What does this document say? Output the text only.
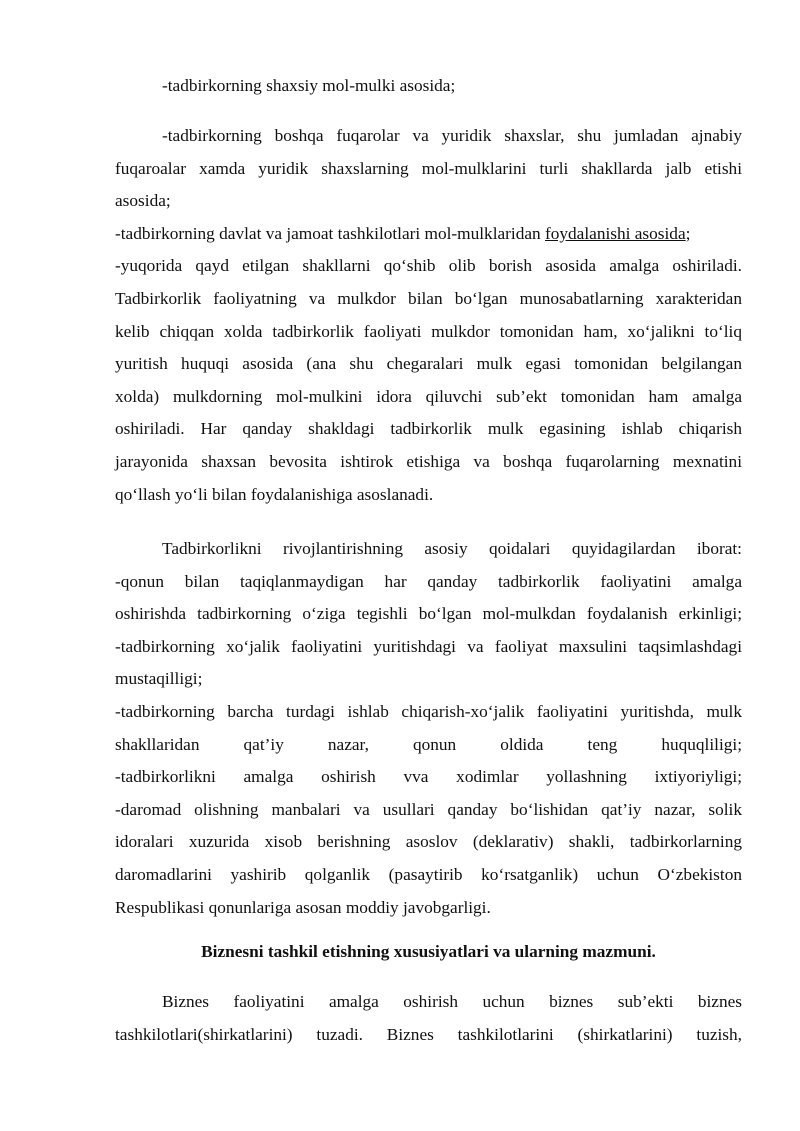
-tadbirkorning shaxsiy mol-mulki asosida;

-tadbirkorning boshqa fuqarolar va yuridik shaxslar, shu jumladan ajnabiy
fuqaroalar xamda yuridik shaxslarning mol-mulklarini turli shakllarda jalb etishi
asosida;
-tadbirkorning davlat va jamoat tashkilotlari mol-mulklaridan foydalanishi asosida;
-yuqorida qayd etilgan shakllarni qo‘shib olib borish asosida amalga oshiriladi.
Tadbirkorlik faoliyatning va mulkdor bilan bo‘lgan munosabatlarning xarakteridan
kelib chiqqan xolda tadbirkorlik faoliyati mulkdor tomonidan ham, xo‘jalikni to‘liq
yuritish huquqi asosida (ana shu chegaralari mulk egasi tomonidan belgilangan
xolda) mulkdorning mol-mulkini idora qiluvchi sub’ekt tomonidan ham amalga
oshiriladi. Har qanday shakldagi tadbirkorlik mulk egasining ishlab chiqarish
jarayonida shaxsan bevosita ishtirok etishiga va boshqa fuqarolarning mexnatini
qo‘llash yo‘li bilan foydalanishiga asoslanadi.

Tadbirkorlikni rivojlantirishning asosiy qoidalari quyidagilardan iborat:
-qonun bilan taqiqlanmaydigan har qanday tadbirkorlik faoliyatini amalga
oshirishda tadbirkorning o‘ziga tegishli bo‘lgan mol-mulkdan foydalanish erkinligi;
-tadbirkorning xo‘jalik faoliyatini yuritishdagi va faoliyat maxsulini taqsimlashdagi
mustaqilligi;
-tadbirkorning barcha turdagi ishlab chiqarish-xo‘jalik faoliyatini yuritishda, mulk
shakllaridan qat’iy nazar, qonun oldida teng huquqliligi;
-tadbirkorlikni amalga oshirish vva xodimlar yollashning ixtiyoriyligi;
-daromad olishning manbalari va usullari qanday bo‘lishidan qat’iy nazar, solik
idoralari xuzurida xisob berishning asoslov (deklarativ) shakli, tadbirkorlarning
daromadlarini yashirib qolganlik (pasaytirib ko‘rsatganlik) uchun O‘zbekiston
Respublikasi qonunlariga asosan moddiy javobgarligi.

Biznesni tashkil etishning xususiyatlari va ularning mazmuni.

Biznes faoliyatini amalga oshirish uchun biznes sub’ekti biznes
tashkilotlari(shirkatlarini) tuzadi. Biznes tashkilotlarini (shirkatlarini) tuzish,
